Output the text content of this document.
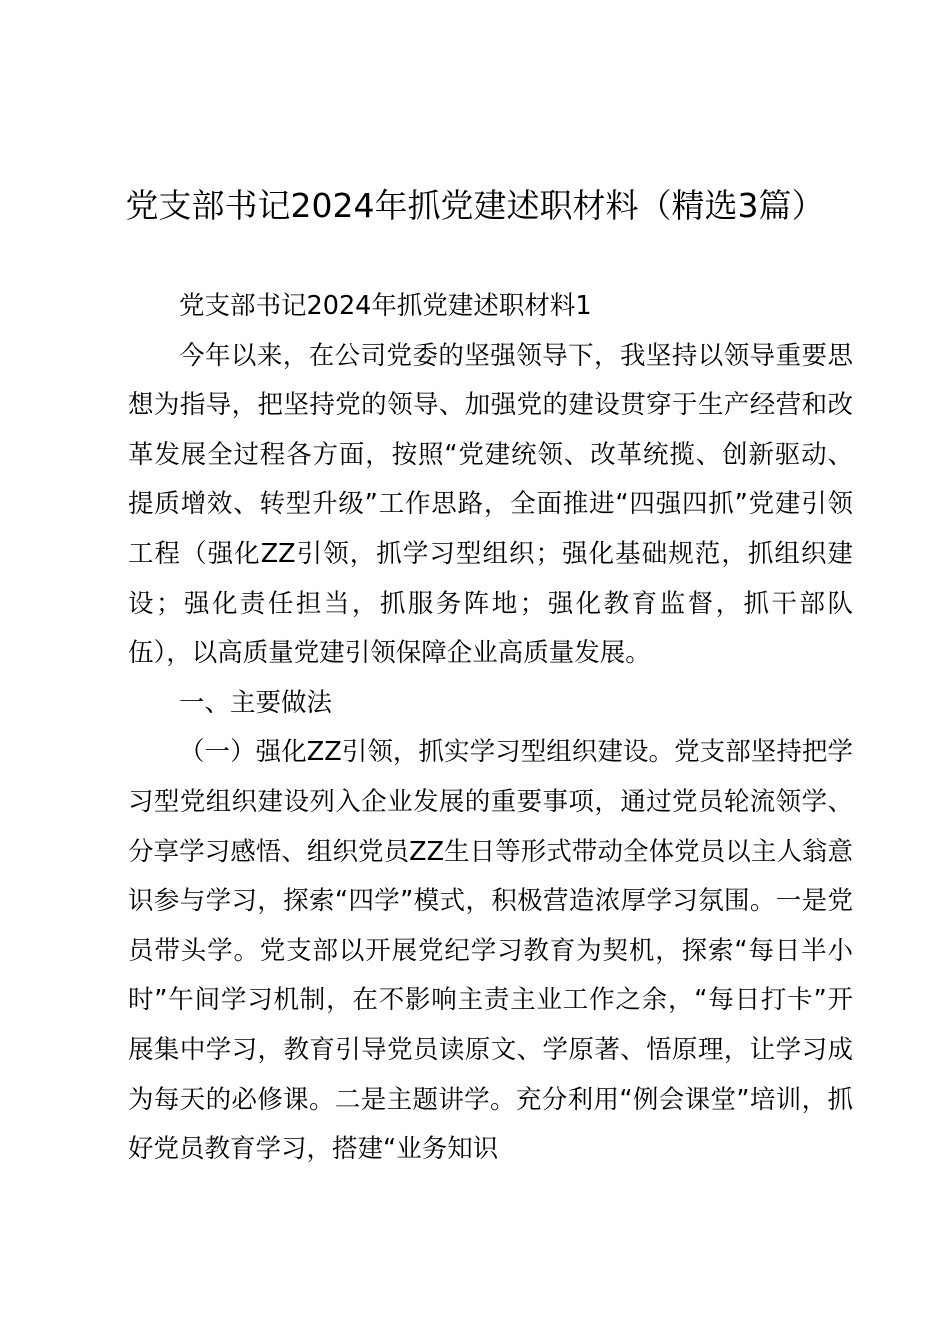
党支部书记2024年抓党建述职材料（精选3篇）

党支部书记2024年抓党建述职材料1

今年以来，在公司党委的坚强领导下，我坚持以领导重要思想为指导，把坚持党的领导、加强党的建设贯穿于生产经营和改革发展全过程各方面，按照“党建统领、改革统揽、创新驱动、提质增效、转型升级”工作思路，全面推进“四强四抓”党建引领工程（强化ZZ引领，抓学习型组织；强化基础规范，抓组织建设；强化责任担当，抓服务阵地；强化教育监督，抓干部队伍），以高质量党建引领保障企业高质量发展。

一、主要做法

（一）强化ZZ引领，抓实学习型组织建设。党支部坚持把学习型党组织建设列入企业发展的重要事项，通过党员轮流领学、分享学习感悟、组织党员ZZ生日等形式带动全体党员以主人翁意识参与学习，探索“四学”模式，积极营造浓厚学习氛围。一是党员带头学。党支部以开展党纪学习教育为契机，探索“每日半小时”午间学习机制，在不影响主责主业工作之余，“每日打卡”开展集中学习，教育引导党员读原文、学原著、悟原理，让学习成为每天的必修课。二是主题讲学。充分利用“例会课堂”培训，抓好党员教育学习，搭建“业务知识
